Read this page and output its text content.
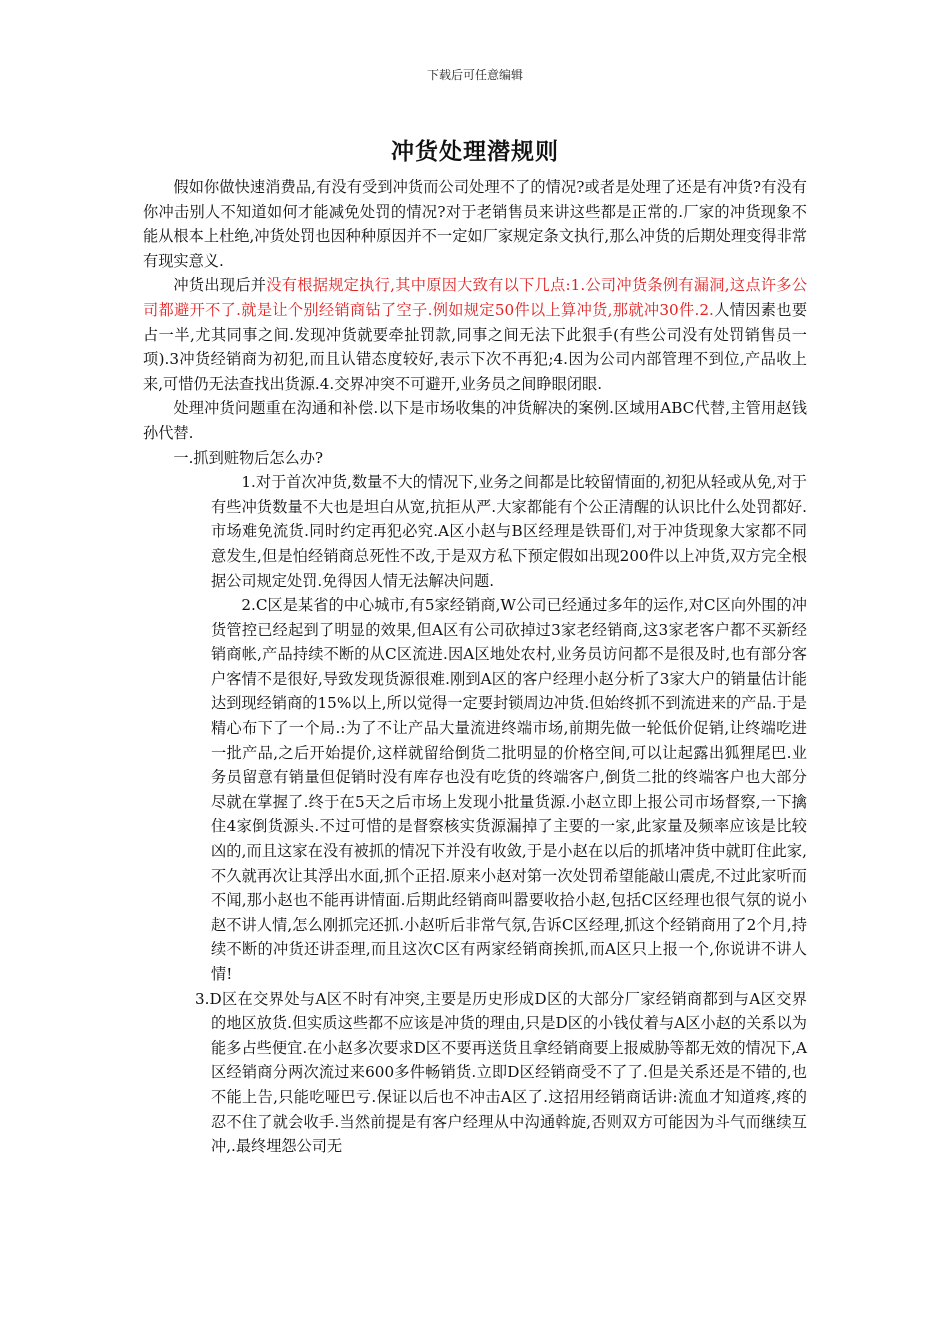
下载后可任意编辑
冲货处理潜规则

假如你做快速消费品,有没有受到冲货而公司处理不了的情况?或者是处理了还是有冲货?有没有你冲击别人不知道如何才能减免处罚的情况?对于老销售员来讲这些都是正常的.厂家的冲货现象不能从根本上杜绝,冲货处罚也因种种原因并不一定如厂家规定条文执行,那么冲货的后期处理变得非常有现实意义.

冲货出现后并没有根据规定执行,其中原因大致有以下几点:1.公司冲货条例有漏洞,这点许多公司都避开不了.就是让个别经销商钻了空子.例如规定50件以上算冲货,那就冲30件.2.人情因素也要占一半,尤其同事之间.发现冲货就要牵扯罚款,同事之间无法下此狠手(有些公司没有处罚销售员一项).3冲货经销商为初犯,而且认错态度较好,表示下次不再犯;4.因为公司内部管理不到位,产品收上来,可惜仍无法查找出货源.4.交界冲突不可避开,业务员之间睁眼闭眼.

处理冲货问题重在沟通和补偿.以下是市场收集的冲货解决的案例.区域用ABC代替,主管用赵钱孙代替.

一.抓到赃物后怎么办?

1.对于首次冲货,数量不大的情况下,业务之间都是比较留情面的,初犯从轻或从免,对于有些冲货数量不大也是坦白从宽,抗拒从严.大家都能有个公正清醒的认识比什么处罚都好.市场难免流货.同时约定再犯必究.A区小赵与B区经理是铁哥们,对于冲货现象大家都不同意发生,但是怕经销商总死性不改,于是双方私下预定假如出现200件以上冲货,双方完全根据公司规定处罚.免得因人情无法解决问题.

2.C区是某省的中心城市,有5家经销商,W公司已经通过多年的运作,对C区向外围的冲货管控已经起到了明显的效果,但A区有公司砍掉过3家老经销商,这3家老客户都不买新经销商帐,产品持续不断的从C区流进.因A区地处农村,业务员访问都不是很及时,也有部分客户客情不是很好,导致发现货源很难.刚到A区的客户经理小赵分析了3家大户的销量估计能达到现经销商的15%以上,所以觉得一定要封锁周边冲货.但始终抓不到流进来的产品.于是精心布下了一个局.:为了不让产品大量流进终端市场,前期先做一轮低价促销,让终端吃进一批产品,之后开始提价,这样就留给倒货二批明显的价格空间,可以让起露出狐狸尾巴.业务员留意有销量但促销时没有库存也没有吃货的终端客户,倒货二批的终端客户也大部分尽就在掌握了.终于在5天之后市场上发现小批量货源.小赵立即上报公司市场督察,一下擒住4家倒货源头.不过可惜的是督察核实货源漏掉了主要的一家,此家量及频率应该是比较凶的,而且这家在没有被抓的情况下并没有收敛,于是小赵在以后的抓堵冲货中就盯住此家,不久就再次让其浮出水面,抓个正招.原来小赵对第一次处罚希望能敲山震虎,不过此家听而不闻,那小赵也不能再讲情面.后期此经销商叫嚣要收拾小赵,包括C区经理也很气氛的说小赵不讲人情,怎么刚抓完还抓.小赵听后非常气氛,告诉C区经理,抓这个经销商用了2个月,持续不断的冲货还讲歪理,而且这次C区有两家经销商挨抓,而A区只上报一个,你说讲不讲人情!

3.D区在交界处与A区不时有冲突,主要是历史形成D区的大部分厂家经销商都到与A区交界的地区放货.但实质这些都不应该是冲货的理由,只是D区的小钱仗着与A区小赵的关系以为能多占些便宜.在小赵多次要求D区不要再送货且拿经销商要上报威胁等都无效的情况下,A区经销商分两次流过来600多件畅销货.立即D区经销商受不了了.但是关系还是不错的,也不能上告,只能吃哑巴亏.保证以后也不冲击A区了.这招用经销商话讲:流血才知道疼,疼的忍不住了就会收手.当然前提是有客户经理从中沟通斡旋,否则双方可能因为斗气而继续互冲,.最终埋怨公司无
